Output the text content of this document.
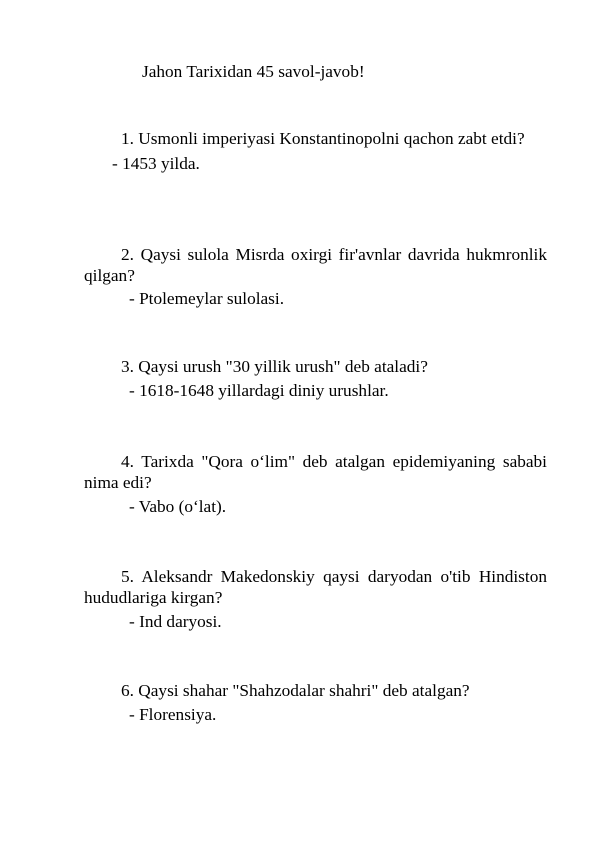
Jahon Tarixidan 45 savol-javob!

1. Usmonli imperiyasi Konstantinopolni qachon zabt etdi?

- 1453 yilda.

2. Qaysi sulola Misrda oxirgi fir'avnlar davrida hukmronlik qilgan?

- Ptolemeylar sulolasi.

3. Qaysi urush "30 yillik urush" deb ataladi?

- 1618-1648 yillardagi diniy urushlar.

4. Tarixda "Qora o‘lim" deb atalgan epidemiyaning sababi nima edi?

- Vabo (o‘lat).

5. Aleksandr Makedonskiy qaysi daryodan o'tib Hindiston hududlariga kirgan?

- Ind daryosi.

6. Qaysi shahar "Shahzodalar shahri" deb atalgan?

- Florensiya.
